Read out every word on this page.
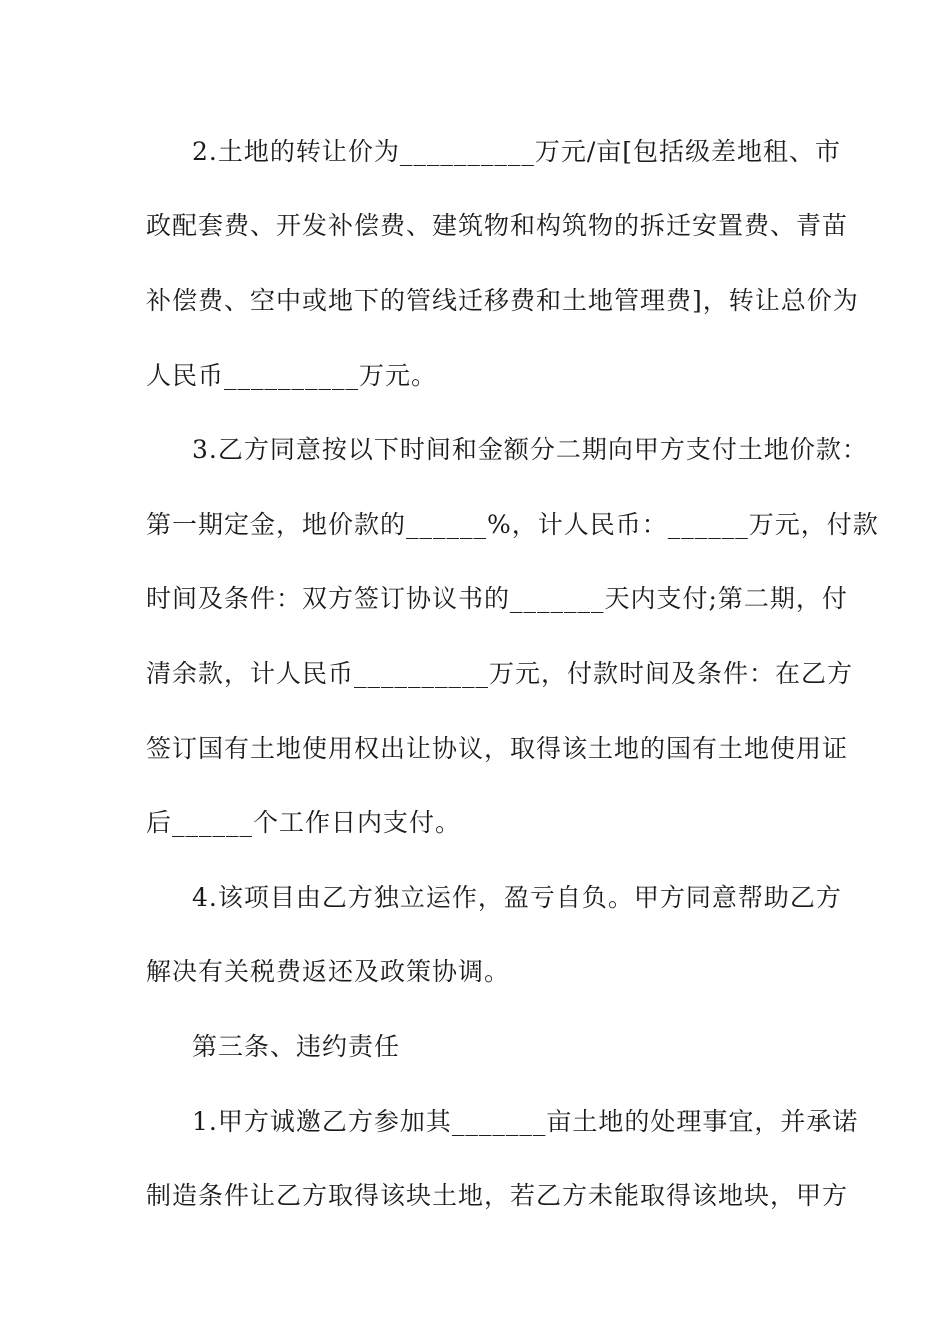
2.土地的转让价为__________万元/亩[包括级差地租、市
政配套费、开发补偿费、建筑物和构筑物的拆迁安置费、青苗
补偿费、空中或地下的管线迁移费和土地管理费]，转让总价为
人民币__________万元。
3.乙方同意按以下时间和金额分二期向甲方支付土地价款：
第一期定金，地价款的______%，计人民币：______万元，付款
时间及条件：双方签订协议书的_______天内支付;第二期，付
清余款，计人民币__________万元，付款时间及条件：在乙方
签订国有土地使用权出让协议，取得该土地的国有土地使用证
后______个工作日内支付。
4.该项目由乙方独立运作，盈亏自负。甲方同意帮助乙方
解决有关税费返还及政策协调。
第三条、违约责任
1.甲方诚邀乙方参加其_______亩土地的处理事宜，并承诺
制造条件让乙方取得该块土地，若乙方未能取得该地块，甲方
